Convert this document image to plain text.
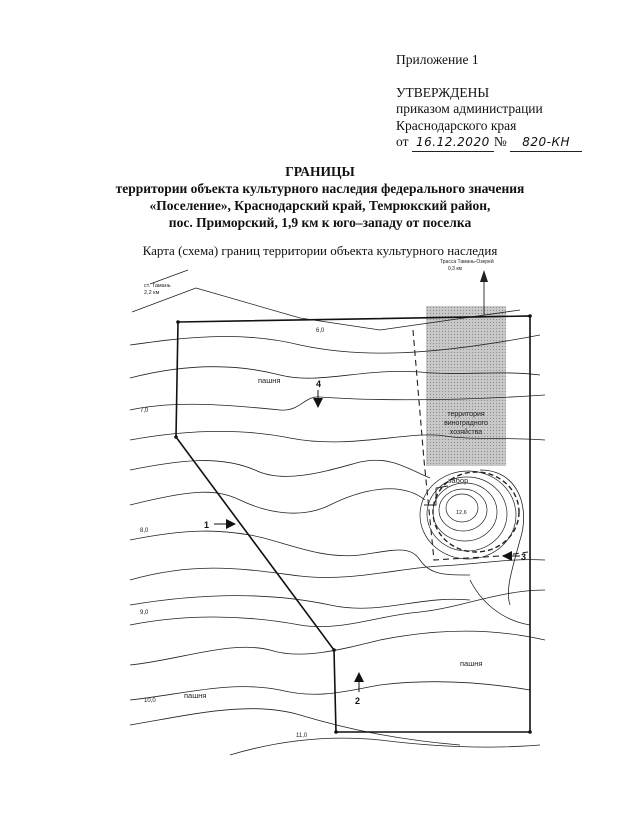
Приложение 1
УТВЕРЖДЕНЫ
приказом администрации
Краснодарского края
от 16.12.2020 № 820-КН
ГРАНИЦЫ
территории объекта культурного наследия федерального значения
«Поселение», Краснодарский край, Темрюкский район,
пос. Приморский, 1,9 км к юго–западу от поселка
Карта (схема) границ территории объекта культурного наследия
территория
виноградного
хозяйства
ст. Тамань
2,2 км
Трасса Тамань-Озерей
0,3 км
пашня
пашня
пашня
забор
6,0
7,0
8,0
9,0
10,0
11,0
12,6
1
2
3
4
